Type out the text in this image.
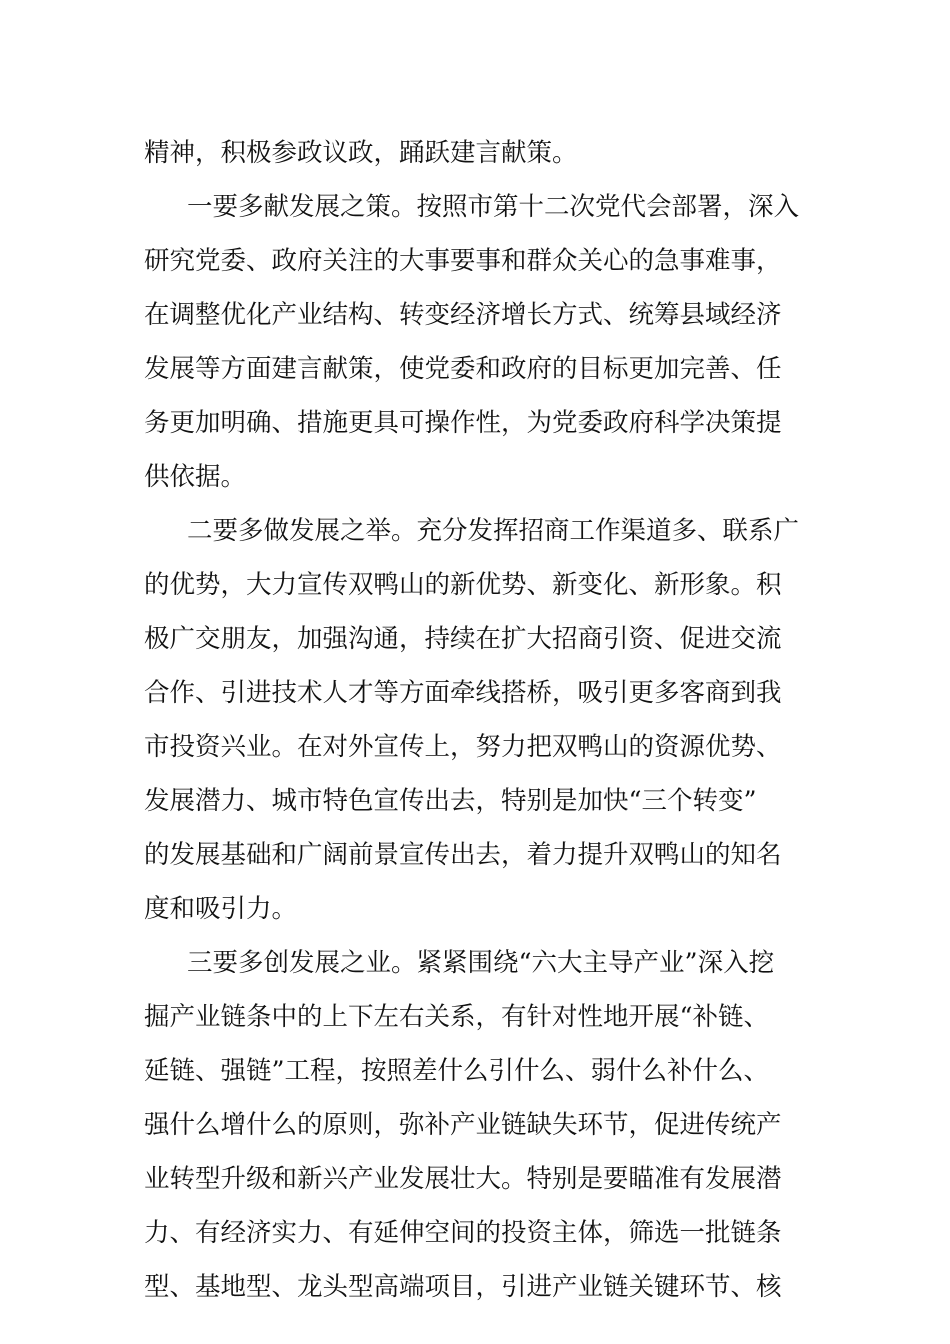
精神，积极参政议政，踊跃建言献策。
一要多献发展之策。按照市第十二次党代会部署，深入
研究党委、政府关注的大事要事和群众关心的急事难事，
在调整优化产业结构、转变经济增长方式、统筹县域经济
发展等方面建言献策，使党委和政府的目标更加完善、任
务更加明确、措施更具可操作性，为党委政府科学决策提
供依据。
二要多做发展之举。充分发挥招商工作渠道多、联系广
的优势，大力宣传双鸭山的新优势、新变化、新形象。积
极广交朋友，加强沟通，持续在扩大招商引资、促进交流
合作、引进技术人才等方面牵线搭桥，吸引更多客商到我
市投资兴业。在对外宣传上，努力把双鸭山的资源优势、
发展潜力、城市特色宣传出去，特别是加快“三个转变”
的发展基础和广阔前景宣传出去，着力提升双鸭山的知名
度和吸引力。
三要多创发展之业。紧紧围绕“六大主导产业”深入挖
掘产业链条中的上下左右关系，有针对性地开展“补链、
延链、强链”工程，按照差什么引什么、弱什么补什么、
强什么增什么的原则，弥补产业链缺失环节，促进传统产
业转型升级和新兴产业发展壮大。特别是要瞄准有发展潜
力、有经济实力、有延伸空间的投资主体，筛选一批链条
型、基地型、龙头型高端项目，引进产业链关键环节、核
